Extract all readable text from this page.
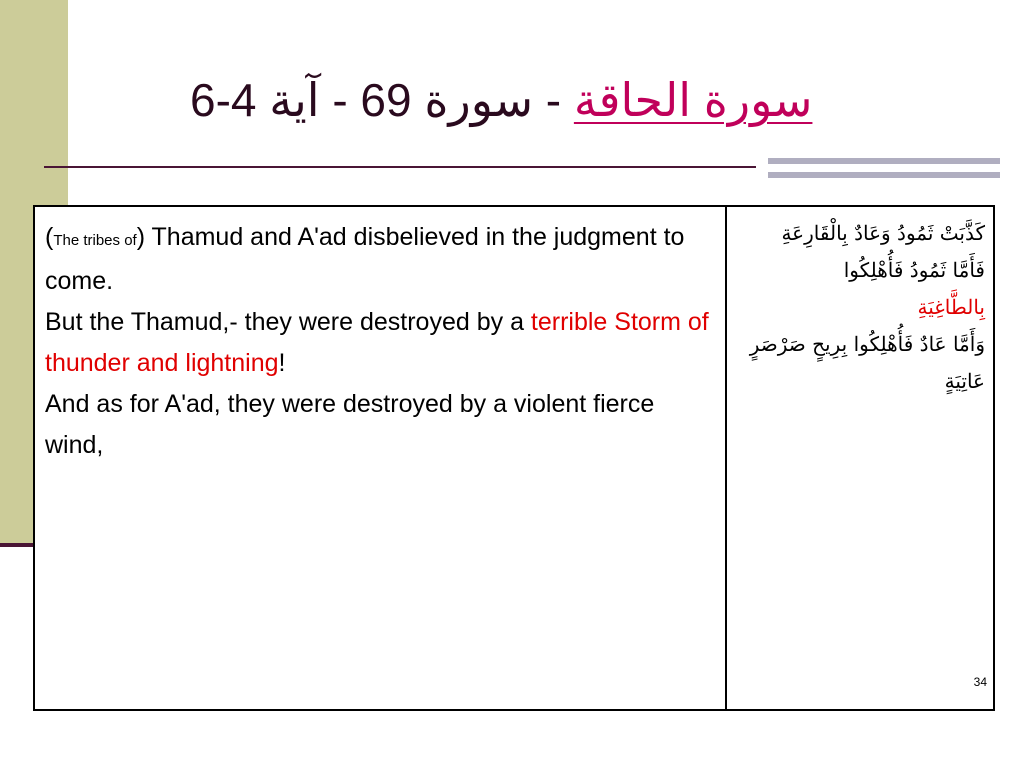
سورة الحاقة - سورة 69 - آية 4-6
(The tribes of) Thamud and A'ad disbelieved in the judgment to come.
But the Thamud,- they were destroyed by a terrible Storm of thunder and lightning!
And as for A'ad, they were destroyed by a violent fierce wind,
كَذَّبَتْ ثَمُودُ وَعَادٌ بِالْقَارِعَةِ
فَأَمَّا ثَمُودُ فَأُهْلِكُوا
بِالطَّاغِيَةِ
وَأَمَّا عَادٌ فَأُهْلِكُوا بِرِيحٍ صَرْصَرٍ عَاتِيَةٍ
34
